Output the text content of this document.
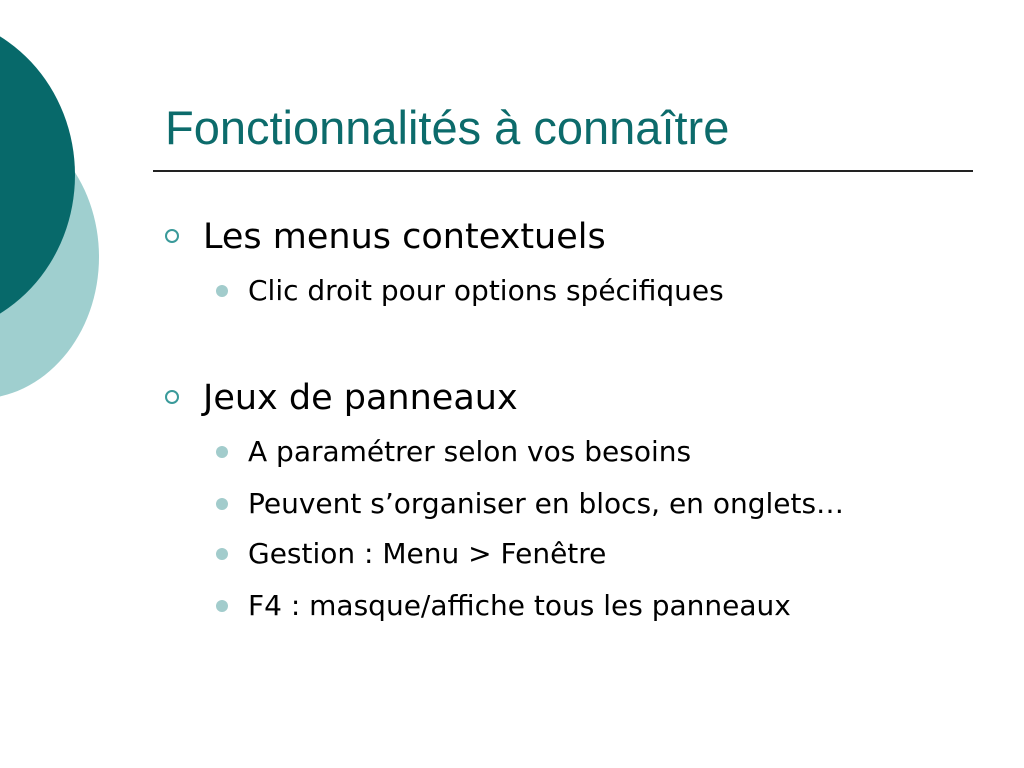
Fonctionnalités à connaître
Les menus contextuels
Clic droit pour options spécifiques
Jeux de panneaux
A paramétrer selon vos besoins
Peuvent s’organiser en blocs, en onglets…
Gestion : Menu > Fenêtre
F4 : masque/affiche tous les panneaux
